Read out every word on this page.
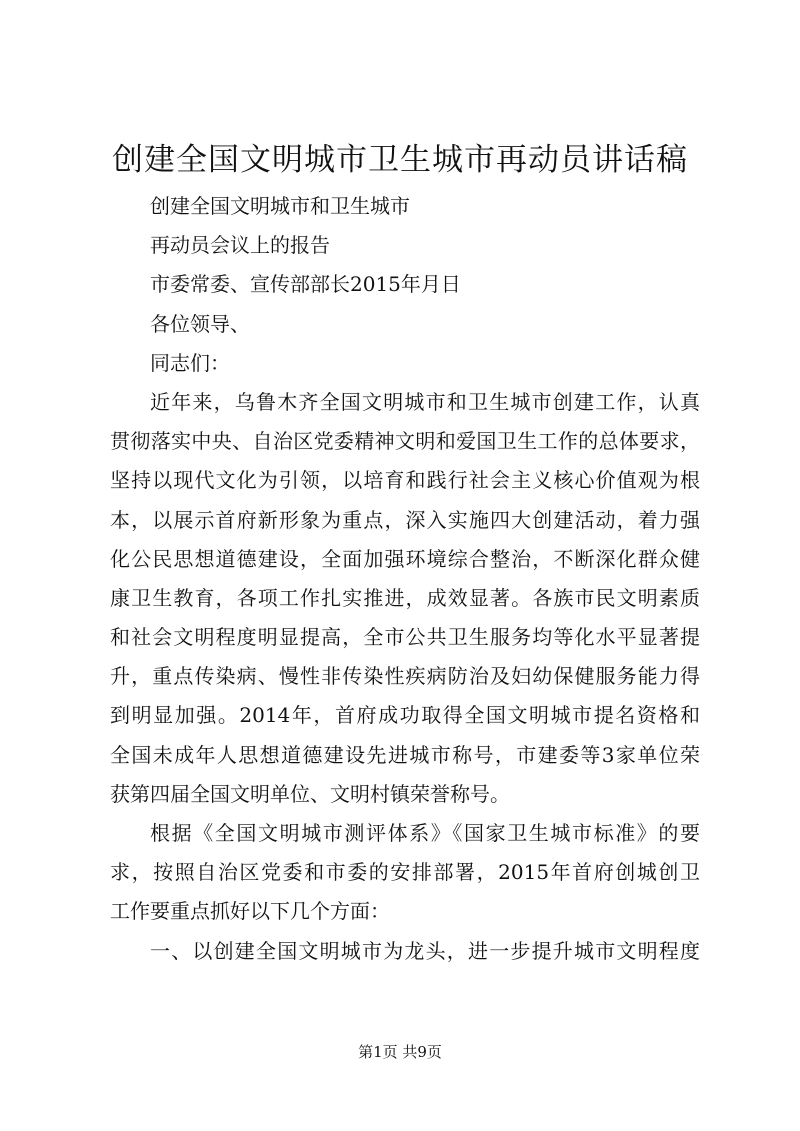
创建全国文明城市卫生城市再动员讲话稿
创建全国文明城市和卫生城市
再动员会议上的报告
市委常委、宣传部部长2015年月日
各位领导、
同志们：
近年来，乌鲁木齐全国文明城市和卫生城市创建工作，认真
贯彻落实中央、自治区党委精神文明和爱国卫生工作的总体要求，
坚持以现代文化为引领，以培育和践行社会主义核心价值观为根
本，以展示首府新形象为重点，深入实施四大创建活动，着力强
化公民思想道德建设，全面加强环境综合整治，不断深化群众健
康卫生教育，各项工作扎实推进，成效显著。各族市民文明素质
和社会文明程度明显提高，全市公共卫生服务均等化水平显著提
升，重点传染病、慢性非传染性疾病防治及妇幼保健服务能力得
到明显加强。2014年，首府成功取得全国文明城市提名资格和
全国未成年人思想道德建设先进城市称号，市建委等3家单位荣
获第四届全国文明单位、文明村镇荣誉称号。
根据《全国文明城市测评体系》《国家卫生城市标准》的要
求，按照自治区党委和市委的安排部署，2015年首府创城创卫
工作要重点抓好以下几个方面：
一、以创建全国文明城市为龙头，进一步提升城市文明程度
第1页 共9页
